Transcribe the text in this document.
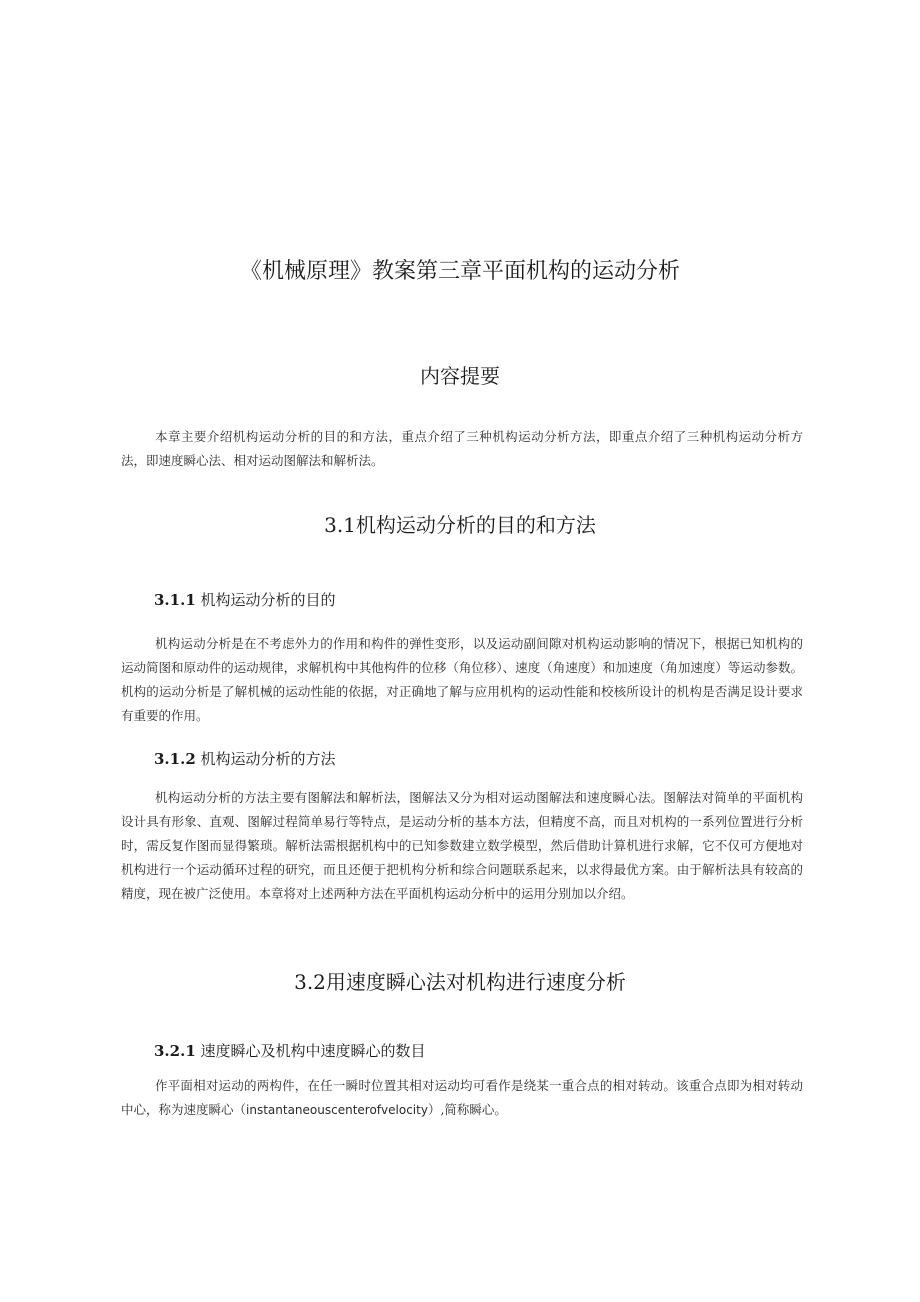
《机械原理》教案第三章平面机构的运动分析
内容提要
本章主要介绍机构运动分析的目的和方法，重点介绍了三种机构运动分析方法，即重点介绍了三种机构运动分析方法，即速度瞬心法、相对运动图解法和解析法。
3.1机构运动分析的目的和方法
3.1.1 机构运动分析的目的
机构运动分析是在不考虑外力的作用和构件的弹性变形，以及运动副间隙对机构运动影响的情况下，根据已知机构的运动简图和原动件的运动规律，求解机构中其他构件的位移（角位移）、速度（角速度）和加速度（角加速度）等运动参数。机构的运动分析是了解机械的运动性能的依据，对正确地了解与应用机构的运动性能和校核所设计的机构是否满足设计要求有重要的作用。
3.1.2 机构运动分析的方法
机构运动分析的方法主要有图解法和解析法，图解法又分为相对运动图解法和速度瞬心法。图解法对简单的平面机构设计具有形象、直观、图解过程简单易行等特点，是运动分析的基本方法，但精度不高，而且对机构的一系列位置进行分析时，需反复作图而显得繁琐。解析法需根据机构中的已知参数建立数学模型，然后借助计算机进行求解，它不仅可方便地对机构进行一个运动循环过程的研究，而且还便于把机构分析和综合问题联系起来，以求得最优方案。由于解析法具有较高的精度，现在被广泛使用。本章将对上述两种方法在平面机构运动分析中的运用分别加以介绍。
3.2用速度瞬心法对机构进行速度分析
3.2.1 速度瞬心及机构中速度瞬心的数目
作平面相对运动的两构件，在任一瞬时位置其相对运动均可看作是绕某一重合点的相对转动。该重合点即为相对转动中心，称为速度瞬心（instantaneouscenterofvelocity）,简称瞬心。
